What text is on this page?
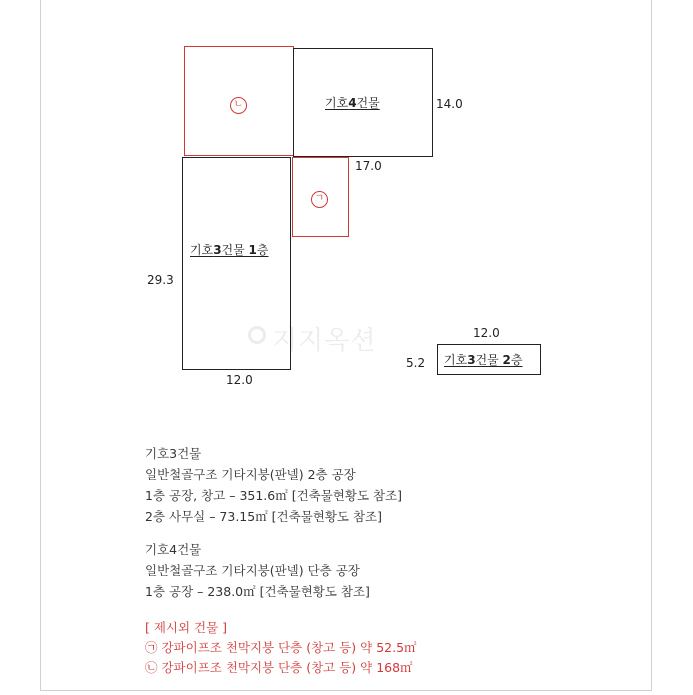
지지옥션
ㄴ	기호4건물	14.0
17.0
기호3건물 1층
29.3
12.0
ㄱ
12.0
기호3건물 2층
5.2
기호3건물
일반철골구조 기타지붕(판넬) 2층 공장
1층 공장, 창고 – 351.6㎡ [건축물현황도 참조]
2층 사무실 – 73.15㎡ [건축물현황도 참조]
기호4건물
일반철골구조 기타지붕(판넬) 단층 공장
1층 공장 – 238.0㎡ [건축물현황도 참조]
[ 제시외 건물 ]
㉠ 강파이프조 천막지붕 단층 (창고 등) 약 52.5㎡
㉡ 강파이프조 천막지붕 단층 (창고 등) 약 168㎡
